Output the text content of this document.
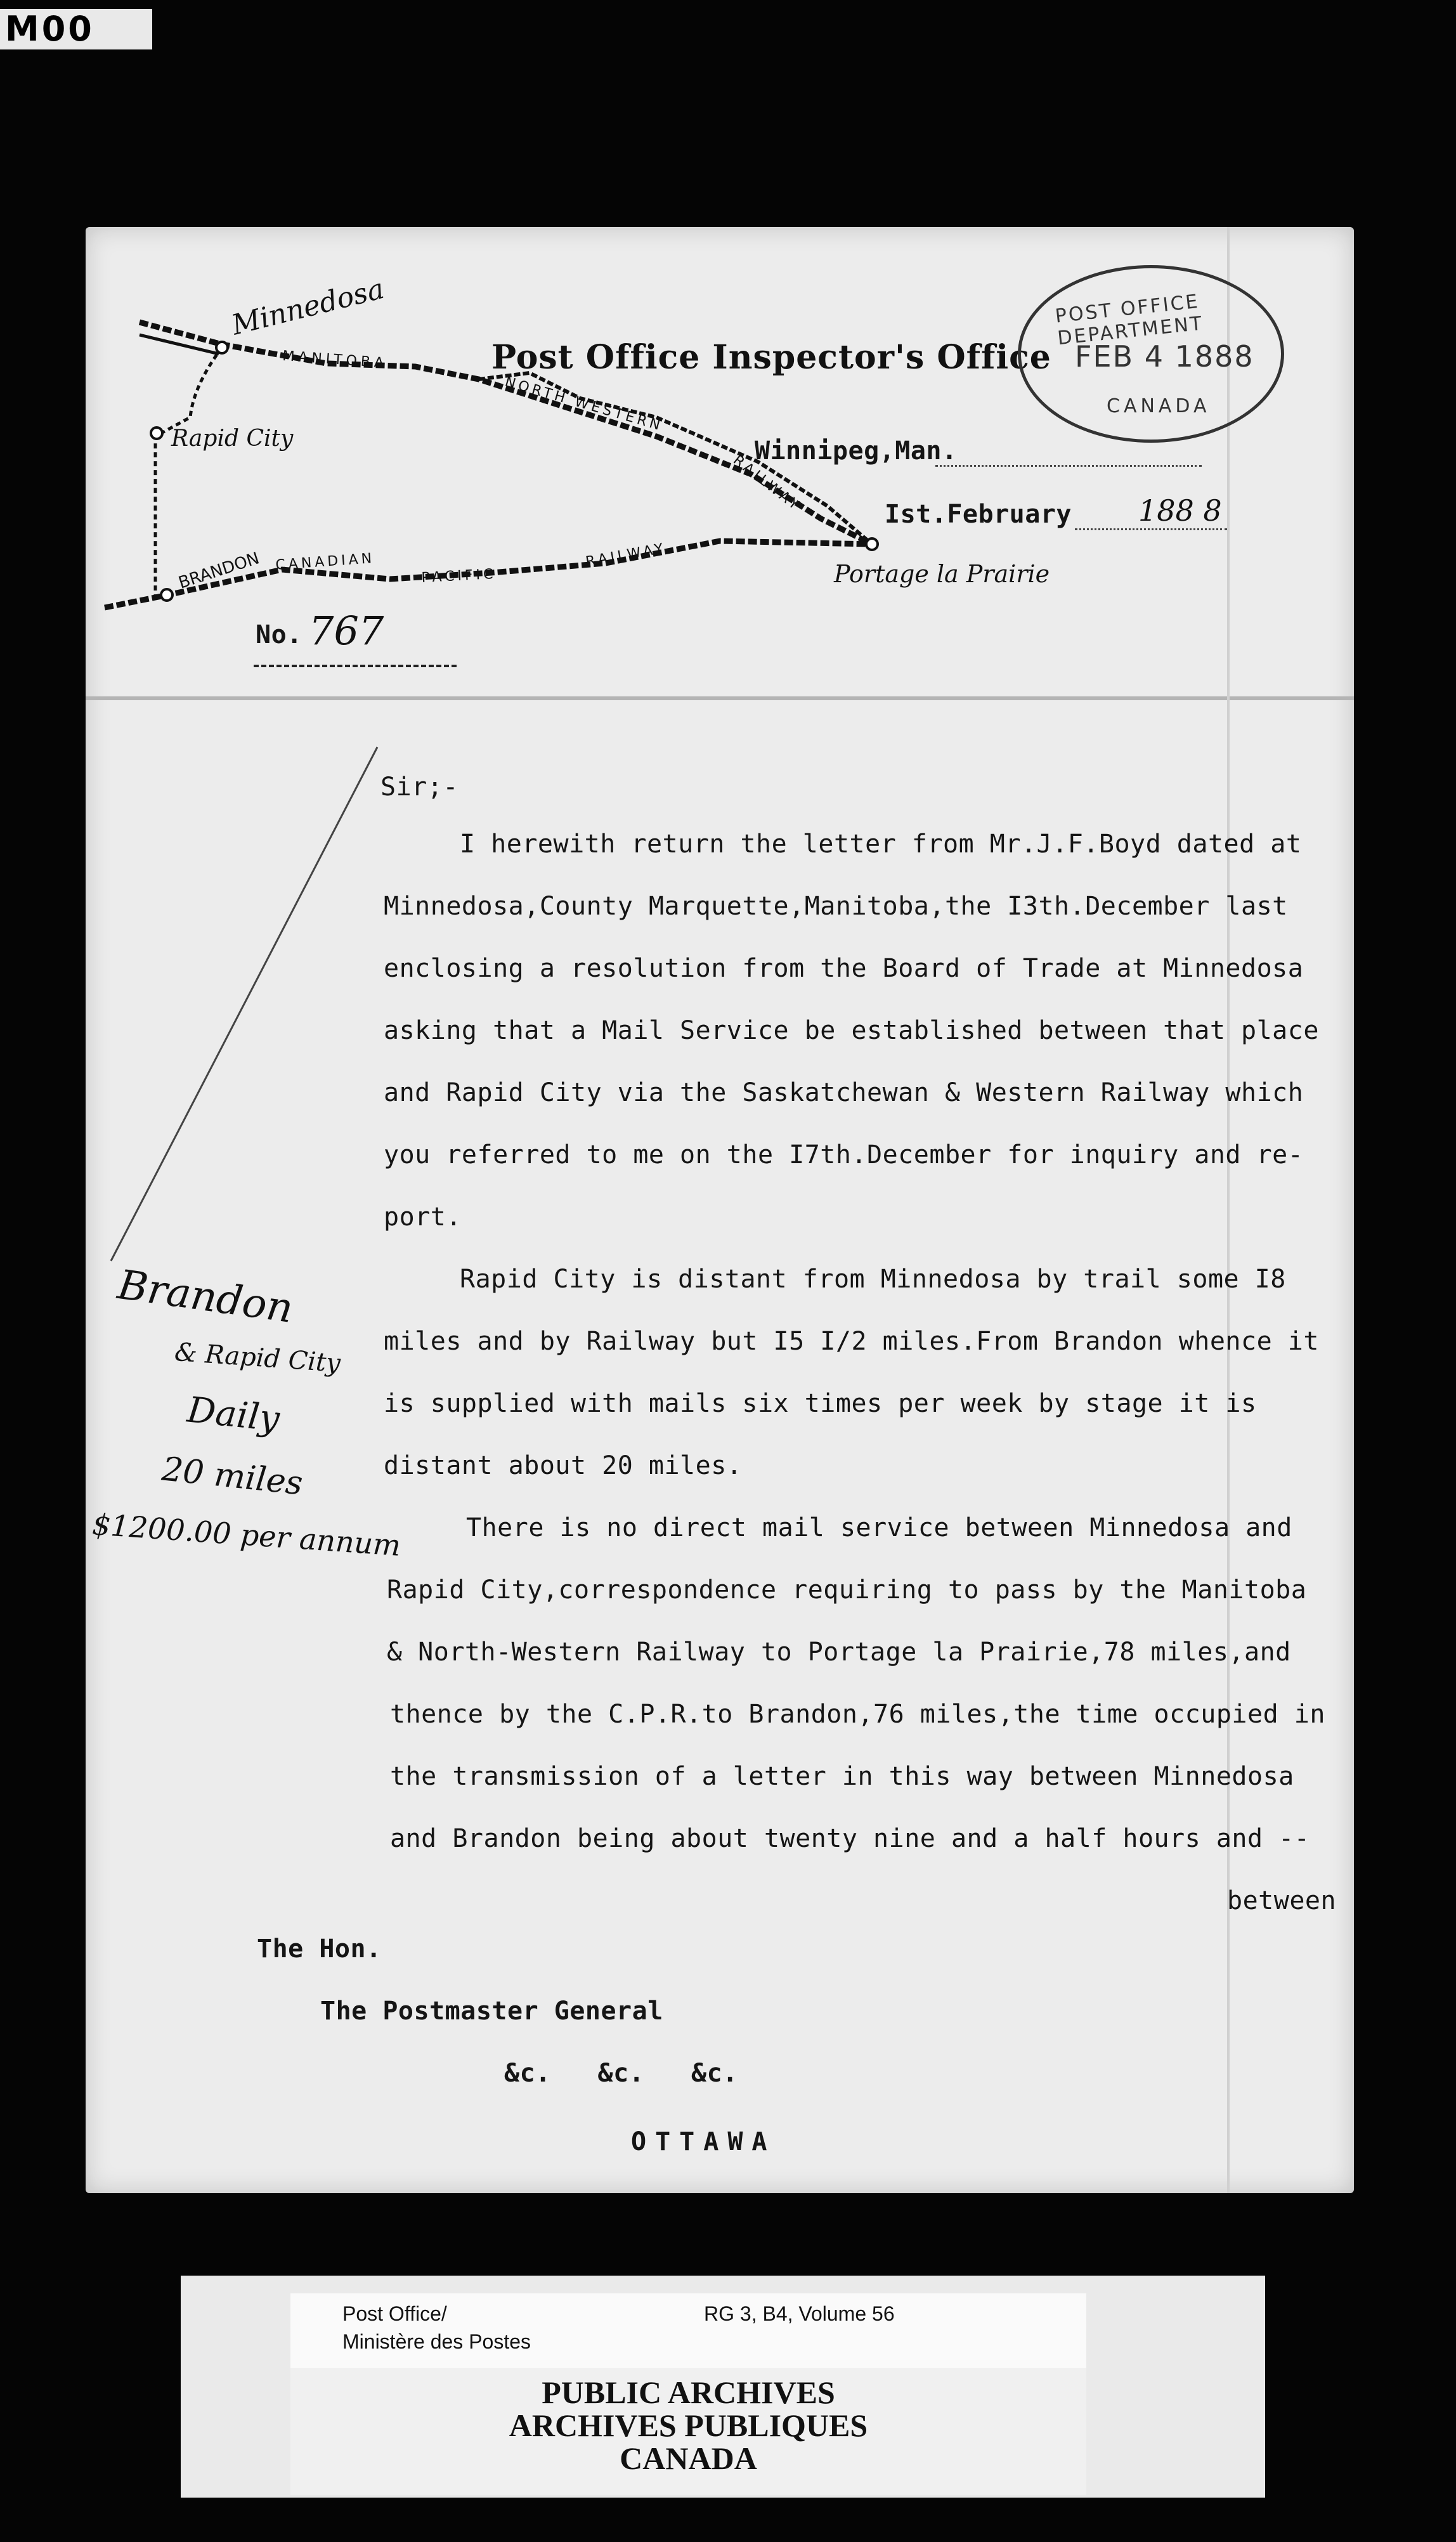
M00
Minnedosa
MANITOBA
NORTH WESTERN
RAILWAY
Rapid City
BRANDON CANADIAN
PACIFIC
RAILWAY
Portage la Prairie
Post Office Inspector's Office
POST OFFICE DEPARTMENT
FEB 4 1888
CANADA
Winnipeg,Man.
Ist.February 188 8
No. 767
Sir;-
I herewith return the letter from Mr.J.F.Boyd dated at
Minnedosa,County Marquette,Manitoba,the I3th.December last
enclosing a resolution from the Board of Trade at Minnedosa
asking that a Mail Service be established between that place
and Rapid City via the Saskatchewan & Western Railway which
you referred to me on the I7th.December for inquiry and re-
port.
Rapid City is distant from Minnedosa by trail some I8
miles and by Railway but I5 I/2 miles.From Brandon whence it
is supplied with mails six times per week by stage it is
distant about 20 miles.
There is no direct mail service between Minnedosa and
Rapid City,correspondence requiring to pass by the Manitoba
& North-Western Railway to Portage la Prairie,78 miles,and
thence by the C.P.R.to Brandon,76 miles,the time occupied in
the transmission of a letter in this way between Minnedosa
and Brandon being about twenty nine and a half hours and --
between
Brandon
& Rapid City
Daily
20 miles
$1200.00 per annum
The Hon.
The Postmaster General
&c.   &c.   &c.
OTTAWA
Post Office/
Ministère des Postes
RG 3, B4, Volume 56
PUBLIC ARCHIVES
ARCHIVES PUBLIQUES
CANADA
